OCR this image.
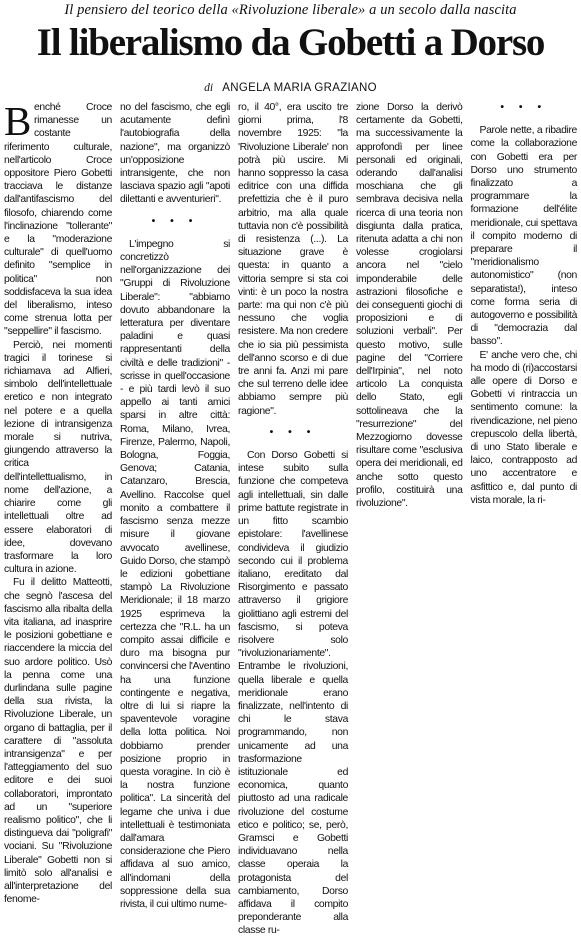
Il pensiero del teorico della «Rivoluzione liberale» a un secolo dalla nascita
Il liberalismo da Gobetti a Dorso
di ANGELA MARIA GRAZIANO

Benché Croce rimanesse un costante riferimento culturale, nell'articolo Croce oppositore Piero Gobetti tracciava le distanze dall'antifascismo del filosofo, chiarendo come l'inclinazione "tollerante" e la "moderazione culturale" di quell'uomo definito "semplice in politica" non soddisfaceva la sua idea del liberalismo, inteso come strenua lotta per "seppellire" il fascismo.

Perciò, nei momenti tragici il torinese si richiamava ad Alfieri, simbolo dell'intellettuale eretico e non integrato nel potere e a quella lezione di intransigenza morale si nutriva, giungendo attraverso la critica dell'intellettualismo, in nome dell'azione, a chiarire come gli intellettuali oltre ad essere elaboratori di idee, dovevano trasformare la loro cultura in azione.

Fu il delitto Matteotti, che segnò l'ascesa del fascismo alla ribalta della vita italiana, ad inasprire le posizioni gobettiane e riaccendere la miccia del suo ardore politico. Usò la penna come una durlindana sulle pagine della sua rivista, la Rivoluzione Liberale, un organo di battaglia, per il carattere di "assoluta intransigenza" e per l'atteggiamento del suo editore e dei suoi collaboratori, improntato ad un "superiore realismo politico", che li distingueva dai "poligrafi" vociani. Su "Rivoluzione Liberale" Gobetti non si limitò solo all'analisi e all'interpretazione del fenome-

no del fascismo, che egli acutamente definì l'autobiografia della nazione", ma organizzò un'opposizione intransigente, che non lasciava spazio agli "apoti dilettanti e avventurieri".

• • •

L'impegno si concretizzò nell'organizzazione dei "Gruppi di Rivoluzione Liberale": "abbiamo dovuto abbandonare la letteratura per diventare paladini e quasi rappresentanti della civiltà e delle tradizioni" - scrisse in quell'occasione - e più tardi levò il suo appello ai tanti amici sparsi in altre città: Roma, Milano, Ivrea, Firenze, Palermo, Napoli, Bologna, Foggia, Genova; Catania, Catanzaro, Brescia, Avellino. Raccolse quel monito a combattere il fascismo senza mezze misure il giovane avvocato avellinese, Guido Dorso, che stampò le edizioni gobettiane stampò La Rivoluzione Meridionale; il 18 marzo 1925 esprimeva la certezza che "R.L. ha un compito assai difficile e duro ma bisogna pur convincersi che l'Aventino ha una funzione contingente e negativa, oltre di lui si riapre la spaventevole voragine della lotta politica. Noi dobbiamo prender posizione proprio in questa voragine. In ciò è la nostra funzione politica". La sincerità del legame che univa i due intellettuali è testimoniata dall'amara considerazione che Piero affidava al suo amico, all'indomani della soppressione della sua rivista, il cui ultimo nume-

ro, il 40°, era uscito tre giorni prima, l'8 novembre 1925: "la 'Rivoluzione Liberale' non potrà più uscire. Mi hanno soppresso la casa editrice con una diffida prefettizia che è il puro arbitrio, ma alla quale tuttavia non c'è possibilità di resistenza (...). La situazione grave è questa: in quanto a vittoria sempre si sta coi vinti: è un poco la nostra parte: ma qui non c'è più nessuno che voglia resistere. Ma non credere che io sia più pessimista dell'anno scorso e di due tre anni fa. Anzi mi pare che sul terreno delle idee abbiamo sempre più ragione".

• • •

Con Dorso Gobetti si intese subito sulla funzione che competeva agli intellettuali, sin dalle prime battute registrate in un fitto scambio epistolare: l'avellinese condivideva il giudizio secondo cui il problema italiano, ereditato dal Risorgimento e passato attraverso il grigiore giolittiano agli estremi del fascismo, si poteva risolvere solo "rivoluzionariamente". Entrambe le rivoluzioni, quella liberale e quella meridionale erano finalizzate, nell'intento di chi le stava programmando, non unicamente ad una trasformazione istituzionale ed economica, quanto piuttosto ad una radicale rivoluzione del costume etico e politico; se, però, Gramsci e Gobetti individuavano nella classe operaia la protagonista del cambiamento, Dorso affidava il compito preponderante alla classe ru-

zione Dorso la derivò certamente da Gobetti, ma successivamente la approfondì per linee personali ed originali, oderando dall'analisi moschiana che gli sembrava decisiva nella ricerca di una teoria non disgiunta dalla pratica, ritenuta adatta a chi non volesse crogiolarsi ancora nel "cielo imponderabile delle astrazioni filosofiche e dei conseguenti giochi di proposizioni e di soluzioni verbali". Per questo motivo, sulle pagine del "Corriere dell'Irpinia", nel noto articolo La conquista dello Stato, egli sottolineava che la "resurrezione" del Mezzogiorno dovesse risultare come "esclusiva opera dei meridionali, ed anche sotto questo profilo, costituirà una rivoluzione".

• • •

Parole nette, a ribadire come la collaborazione con Gobetti era per Dorso uno strumento finalizzato a programmare la formazione dell'élite meridionale, cui spettava il compito moderno di preparare il "meridionalismo autonomistico" (non separatista!), inteso come forma seria di autogoverno e possibilità di "democrazia dal basso".

E' anche vero che, chi ha modo di (ri)accostarsi alle opere di Dorso e Gobetti vi rintraccia un sentimento comune: la rivendicazione, nel pieno crepuscolo della libertà, di uno Stato liberale e laico, contrapposto ad uno accentratore e asfittico e, dal punto di vista morale, la ri-
